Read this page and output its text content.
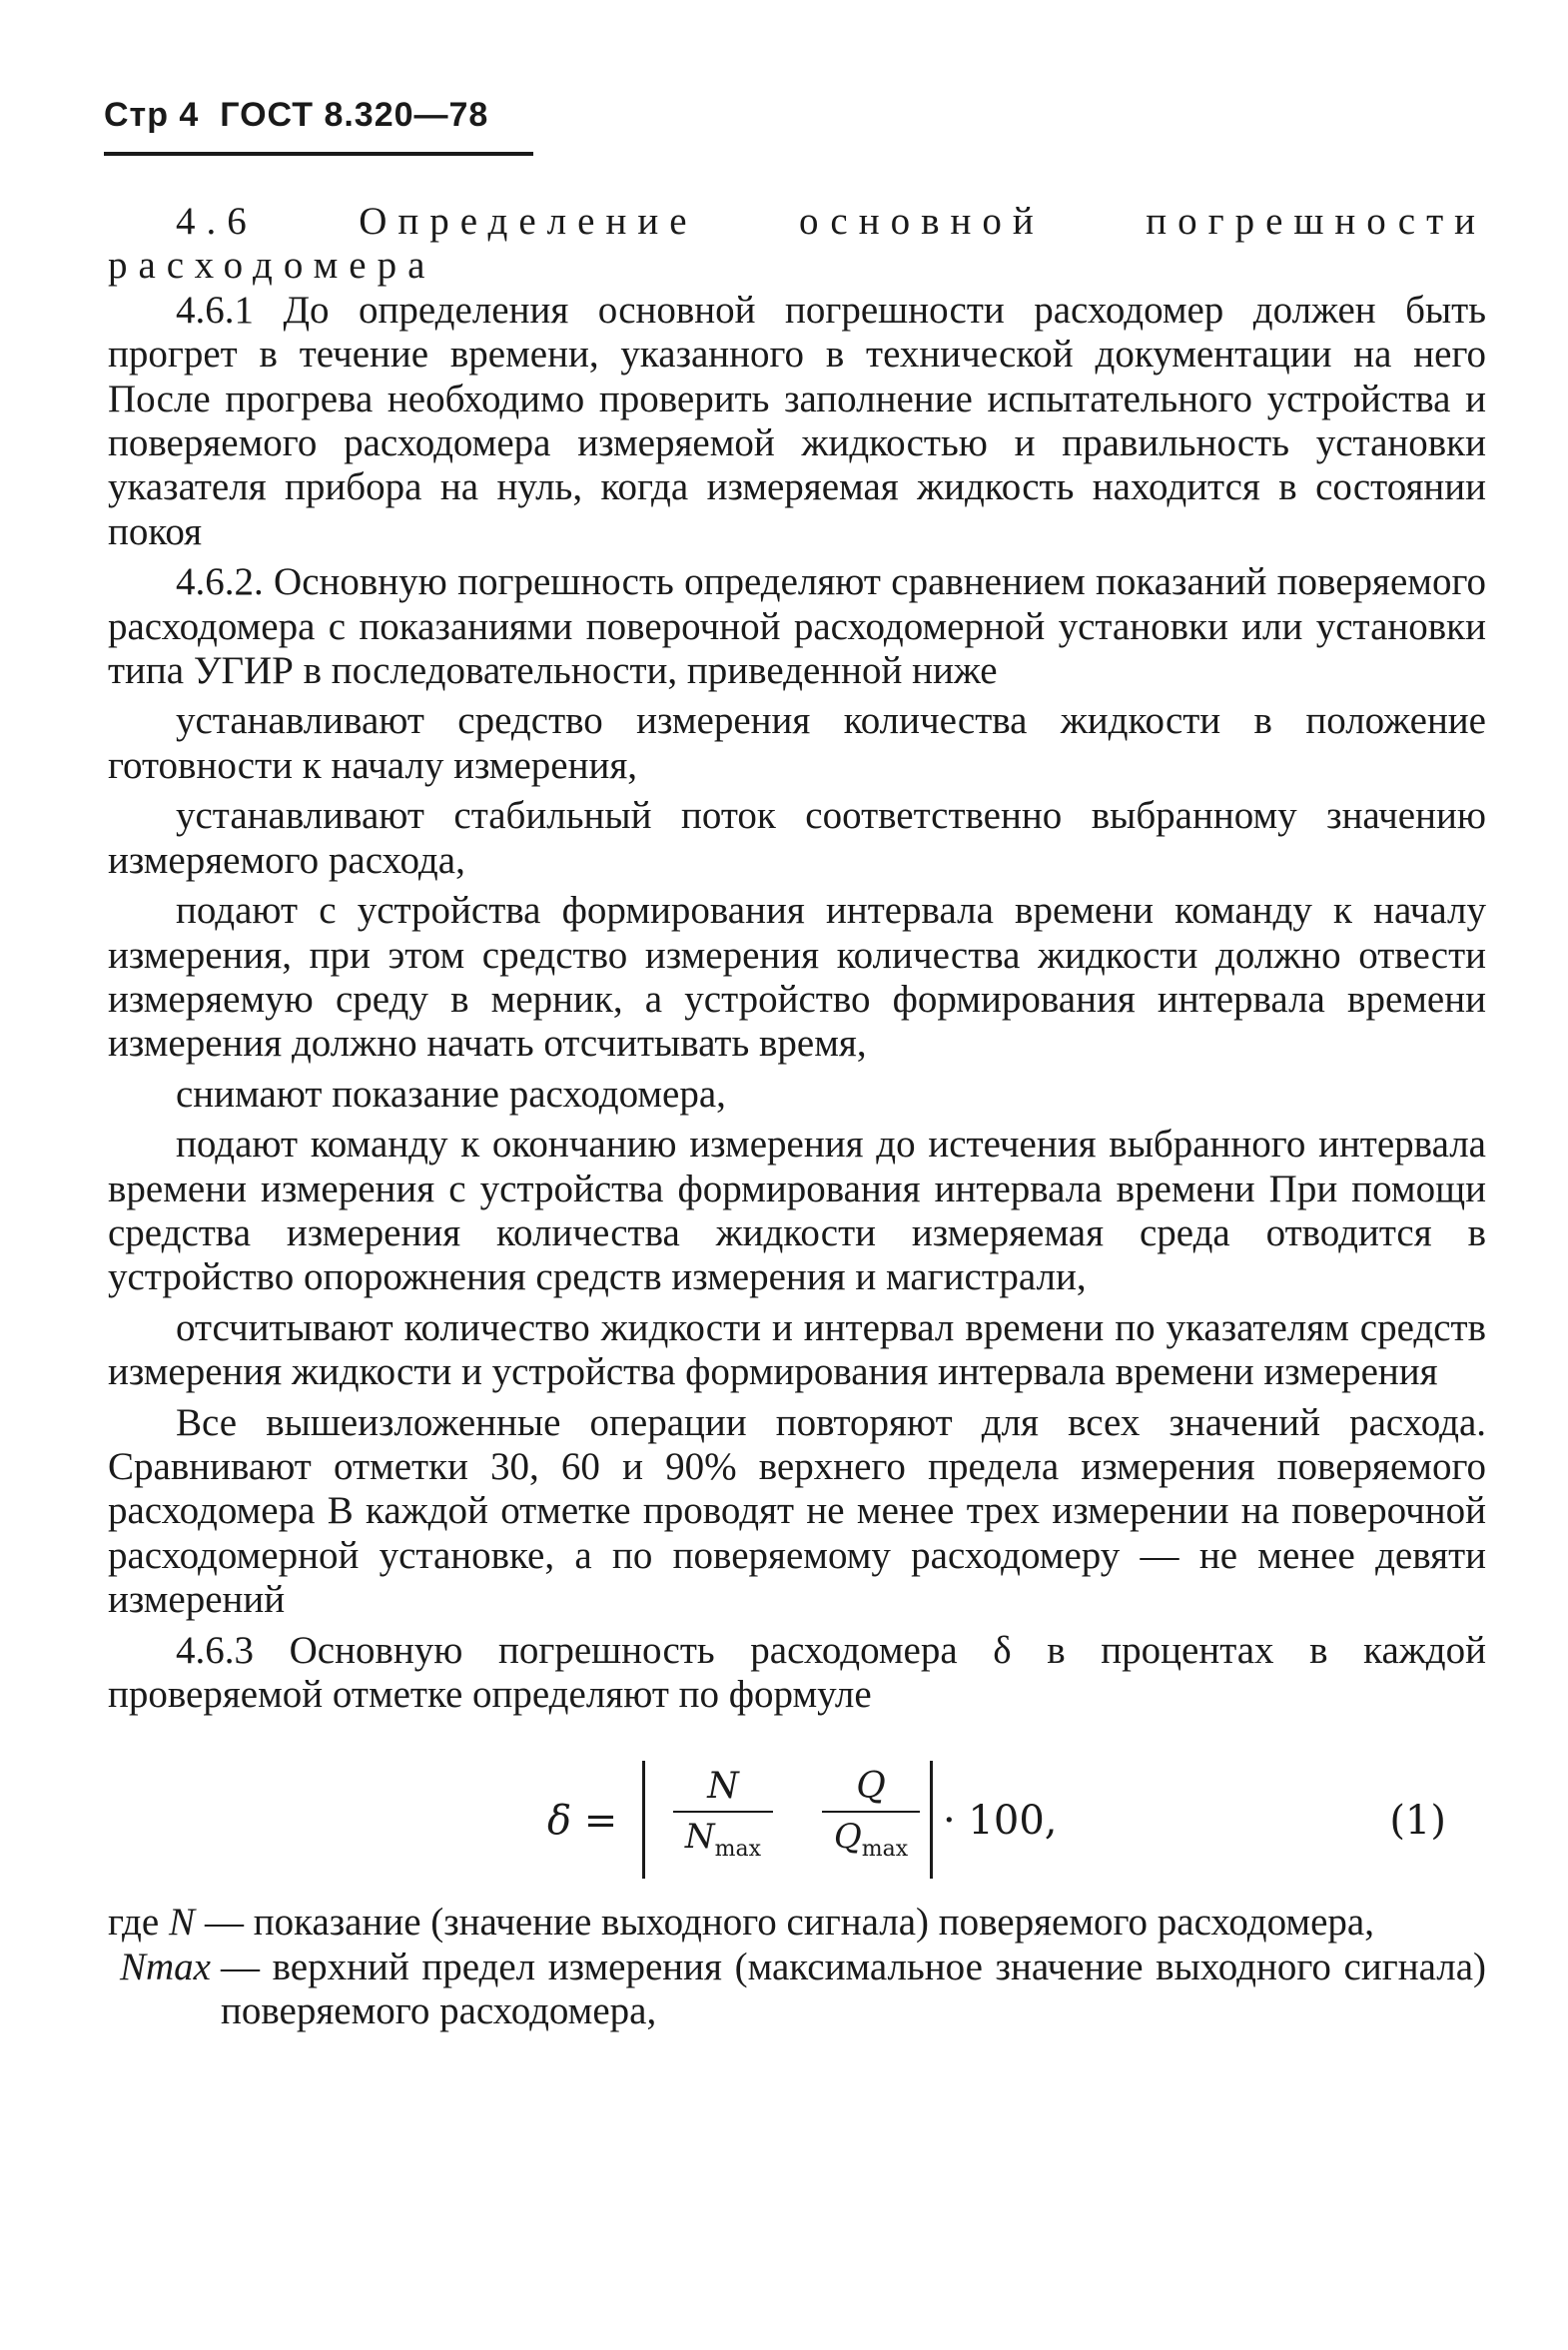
Стр 4 ГОСТ 8.320—78

4.6 Определение основной погрешности расходомера

4.6.1 До определения основной погрешности расходомер должен быть прогрет в течение времени, указанного в технической документации на него После прогрева необходимо проверить заполнение испытательного устройства и поверяемого расходомера измеряемой жидкостью и правильность установки указателя прибора на нуль, когда измеряемая жидкость находится в состоянии покоя

4.6.2. Основную погрешность определяют сравнением показаний поверяемого расходомера с показаниями поверочной расходомерной установки или установки типа УГИР в последовательности, приведенной ниже

устанавливают средство измерения количества жидкости в положение готовности к началу измерения,

устанавливают стабильный поток соответственно выбранному значению измеряемого расхода,

подают с устройства формирования интервала времени команду к началу измерения, при этом средство измерения количества жидкости должно отвести измеряемую среду в мерник, а устройство формирования интервала времени измерения должно начать отсчитывать время,

снимают показание расходомера,

подают команду к окончанию измерения до истечения выбранного интервала времени измерения с устройства формирования интервала времени При помощи средства измерения количества жидкости измеряемая среда отводится в устройство опорожнения средств измерения и магистрали,

отсчитывают количество жидкости и интервал времени по указателям средств измерения жидкости и устройства формирования интервала времени измерения

Все вышеизложенные операции повторяют для всех значений расхода. Сравнивают отметки 30, 60 и 90% верхнего предела измерения поверяемого расходомера В каждой отметке проводят не менее трех измерении на поверочной расходомерной установке, а по поверяемому расходомеру — не менее девяти измерений

4.6.3 Основную погрешность расходомера δ в процентах в каждой проверяемой отметке определяют по формуле

δ =
N
$N_{max}$
Q
$Q_{max}$
· 100,	(1)
где N — показание (значение выходного сигнала) поверяемого расходомера,
Nmax — верхний предел измерения (максимальное значение выходного сигнала) поверяемого расходомера,
